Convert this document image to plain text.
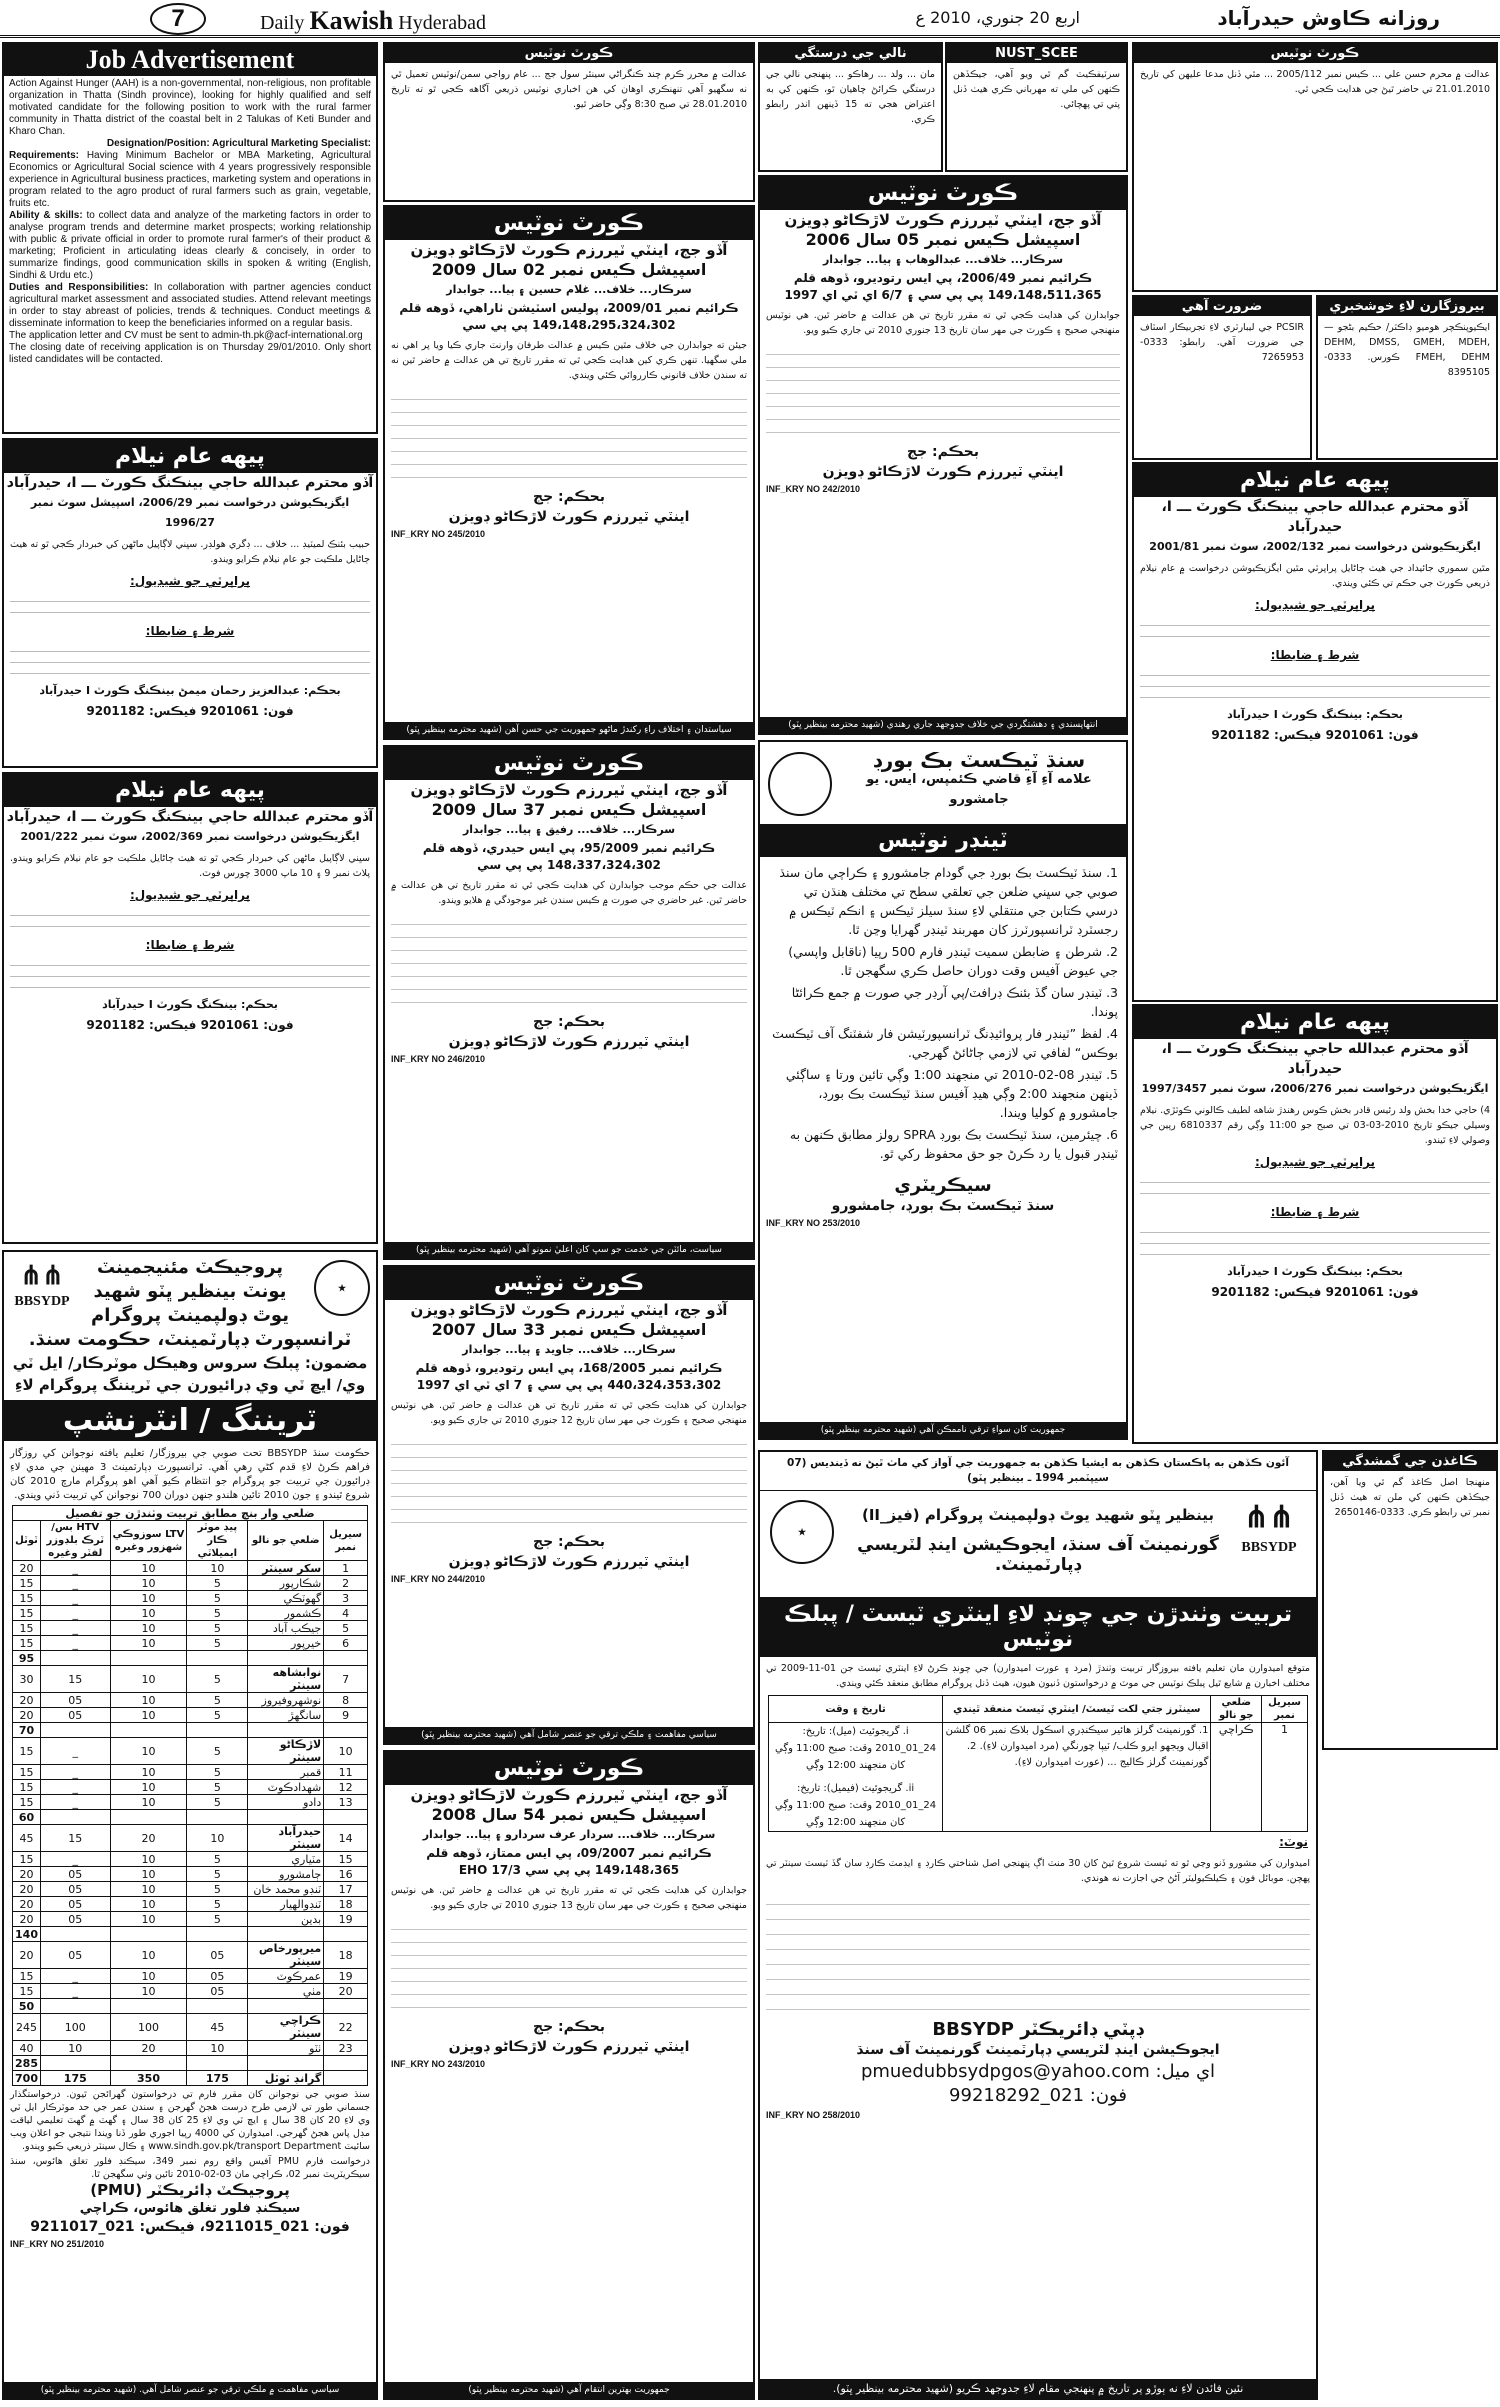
7	Daily Kawish Hyderabad	اربع 20 جنوري، 2010 ع	روزانه ڪاوش حيدرآباد
Job Advertisement

Action Against Hunger (AAH) is a non-governmental, non-religious, non profitable organization in Thatta (Sindh province), looking for highly qualified and self motivated candidate for the following position to work with the rural farmer community in Thatta district of the coastal belt in 2 Talukas of Keti Bunder and Kharo Chan.

Designation/Position: Agricultural Marketing Specialist:

Requirements: Having Minimum Bachelor or MBA Marketing, Agricultural Economics or Agricultural Social science with 4 years progressively responsible experience in Agricultural business practices, marketing system and operations in program related to the agro product of rural farmers such as grain, vegetable, fruits etc.

Ability & skills: to collect data and analyze of the marketing factors in order to analyse program trends and determine market prospects; working relationship with public & private official in order to promote rural farmer's of their product & marketing; Proficient in articulating ideas clearly & concisely, in order to summarize findings, good communication skills in spoken & writing (English, Sindhi & Urdu etc.)

Duties and Responsibilities: In collaboration with partner agencies conduct agricultural market assessment and associated studies. Attend relevant meetings in order to stay abreast of policies, trends & techniques. Conduct meetings & disseminate information to keep the beneficiaries informed on a regular basis.

The application letter and CV must be sent to admin-th.pk@acf-international.org

The closing date of receiving application is on Thursday 29/01/2010. Only short listed candidates will be contacted.

پيهه عام نيلام
آڏو محترم عبدالله حاجي بينڪنگ ڪورٽ ـــ I، حيدرآباد
ايگزيڪيوشن درخواست نمبر 2006/29، اسپيشل سوٽ نمبر 1996/27
حبيب بئنڪ لميٽيڊ ... خلاف ... ڊگري هولڊر. سڀني لاڳاپيل ماڻهن کي خبردار ڪجي ٿو ته هيٺ ڄاڻايل ملڪيت جو عام نيلام ڪرايو ويندو.
پراپرٽي جو شيڊيول:
شرط ۽ ضابطا:
بحڪم: عبدالعزيز رحمان ميمڻ بينڪنگ ڪورٽ I حيدرآباد
فون: 9201061 فيڪس: 9201182
پيهه عام نيلام
آڏو محترم عبدالله حاجي بينڪنگ ڪورٽ ـــ I، حيدرآباد
ايگزيڪيوشن درخواست نمبر 2002/369، سوٽ نمبر 2001/222
سڀني لاڳاپيل ماڻهن کي خبردار ڪجي ٿو ته هيٺ ڄاڻايل ملڪيت جو عام نيلام ڪرايو ويندو. پلاٽ نمبر 9 ۽ 10 ماپ 3000 چورس فوٽ.
پراپرٽي جو شيڊيول:
شرط ۽ ضابطا:
بحڪم: بينڪنگ ڪورٽ I حيدرآباد
فون: 9201061 فيڪس: 9201182
پيهه عام نيلام
آڏو محترم عبدالله حاجي بينڪنگ ڪورٽ ـــ I، حيدرآباد
ايگزيڪيوشن درخواست نمبر 2002/132، سوٽ نمبر 2001/81
مٿين سموري جائيداد جي هيٺ ڄاڻايل پراپرٽي مٿين ايگزيڪيوشن درخواست ۾ عام نيلام ذريعي ڪورٽ جي حڪم تي ڪئي ويندي.
پراپرٽي جو شيڊيول:
شرط ۽ ضابطا:
بحڪم: بينڪنگ ڪورٽ I حيدرآباد
فون: 9201061 فيڪس: 9201182
پيهه عام نيلام
آڏو محترم عبدالله حاجي بينڪنگ ڪورٽ ـــ I، حيدرآباد
ايگزيڪيوشن درخواست نمبر 2006/276، سوٽ نمبر 1997/3457
4) حاجي خدا بخش ولد رئيس قادر بخش ڪوس رهندڙ شاهه لطيف ڪالوني ڪوٽڙي. نيلام وسيلي جيڪو تاريخ 2010-03-03 تي صبح جو 11:00 وڳي رقم 6810337 رپين جي وصولي لاءِ ٿيندو.
پراپرٽي جو شيڊيول:
شرط ۽ ضابطا:
بحڪم: بينڪنگ ڪورٽ I حيدرآباد
فون: 9201061 فيڪس: 9201182
ڪورٽ نوٽيس
آڏو جج، اينٽي ٽيررزم ڪورٽ لاڙڪاڻو ڊويزن
اسپيشل ڪيس نمبر 02 سال 2009
سرڪار... خلاف... غلام حسين ۽ ٻيا... جوابدار
ڪرائيم نمبر 2009/01، پوليس اسٽيشن ٺاراهي، ڏوهه قلم 149،148،295،324،302 پي پي سي
جيئن ته جوابدارن جي خلاف مٿين ڪيس ۾ عدالت طرفان وارنٽ جاري ڪيا ويا پر اهي نه ملي سگهيا. تنهن ڪري کين هدايت ڪجي ٿي ته مقرر تاريخ تي هن عدالت ۾ حاضر ٿين نه ته سندن خلاف قانوني ڪارروائي ڪئي ويندي.
بحڪم: جج
اينٽي ٽيررزم ڪورٽ لاڙڪاڻو ڊويزن
INF_KRY NO 245/2010
سياستدان ۽ اختلاف راءِ رکندڙ ماڻهو جمهوريت جي حسن آهن (شهيد محترمه بينظير ڀٽو)
ڪورٽ نوٽيس
آڏو جج، اينٽي ٽيررزم ڪورٽ لاڙڪاڻو ڊويزن
اسپيشل ڪيس نمبر 37 سال 2009
سرڪار... خلاف... رفيق ۽ ٻيا... جوابدار
ڪرائيم نمبر 95/2009، پي ايس حيدري، ڏوهه قلم 148،337،324،302 پي پي سي
عدالت جي حڪم موجب جوابدارن کي هدايت ڪجي ٿي ته مقرر تاريخ تي هن عدالت ۾ حاضر ٿين. غير حاضري جي صورت ۾ ڪيس سندن غير موجودگي ۾ هلايو ويندو.
بحڪم: جج
اينٽي ٽيررزم ڪورٽ لاڙڪاڻو ڊويزن
INF_KRY NO 246/2010
سياست، مائٽن جي خدمت جو سڀ کان اعليٰ نمونو آهي (شهيد محترمه بينظير ڀٽو)
ڪورٽ نوٽيس
آڏو جج، اينٽي ٽيررزم ڪورٽ لاڙڪاڻو ڊويزن
اسپيشل ڪيس نمبر 33 سال 2007
سرڪار... خلاف... جاويد ۽ ٻيا... جوابدار
ڪرائيم نمبر 168/2005، پي ايس رتوديرو، ڏوهه قلم 440،324،353،302 پي پي سي ۽ 7 اي ٽي اي 1997
جوابدارن کي هدايت ڪجي ٿي ته مقرر تاريخ تي هن عدالت ۾ حاضر ٿين. هي نوٽيس منهنجي صحيح ۽ ڪورٽ جي مهر سان تاريخ 12 جنوري 2010 تي جاري ڪيو ويو.
بحڪم: جج
اينٽي ٽيررزم ڪورٽ لاڙڪاڻو ڊويزن
INF_KRY NO 244/2010
سياسي مفاهمت ۽ ملڪي ترقي جو عنصر شامل آهي (شهيد محترمه بينظير ڀٽو)
ڪورٽ نوٽيس
آڏو جج، اينٽي ٽيررزم ڪورٽ لاڙڪاڻو ڊويزن
اسپيشل ڪيس نمبر 54 سال 2008
سرڪار... خلاف... سردار عرف سردارو ۽ ٻيا... جوابدار
ڪرائيم نمبر 09/2007، پي ايس ممتاز، ڏوهه قلم 149،148،365 پي پي سي 17/3 EHO
جوابدارن کي هدايت ڪجي ٿي ته مقرر تاريخ تي هن عدالت ۾ حاضر ٿين. هي نوٽيس منهنجي صحيح ۽ ڪورٽ جي مهر سان تاريخ 13 جنوري 2010 تي جاري ڪيو ويو.
بحڪم: جج
اينٽي ٽيررزم ڪورٽ لاڙڪاڻو ڊويزن
INF_KRY NO 243/2010
جمهوريت بهترين انتقام آهي (شهيد محترمه بينظير ڀٽو)
ڪورٽ نوٽيس
آڏو جج، اينٽي ٽيررزم ڪورٽ لاڙڪاڻو ڊويزن
اسپيشل ڪيس نمبر 05 سال 2006
سرڪار... خلاف... عبدالوهاب ۽ ٻيا... جوابدار
ڪرائيم نمبر 2006/49، پي ايس رتوديرو، ڏوهه قلم 149،148،511،365 پي پي سي ۽ 6/7 اي ٽي اي 1997
جوابدارن کي هدايت ڪجي ٿي ته مقرر تاريخ تي هن عدالت ۾ حاضر ٿين. هي نوٽيس منهنجي صحيح ۽ ڪورٽ جي مهر سان تاريخ 13 جنوري 2010 تي جاري ڪيو ويو.
بحڪم: جج
اينٽي ٽيررزم ڪورٽ لاڙڪاڻو ڊويزن
INF_KRY NO 242/2010
انتهاپسندي ۽ دهشتگردي جي خلاف جدوجهد جاري رهندي (شهيد محترمه بينظير ڀٽو)
ڪورٽ نوٽيس
عدالت ۾ محرر ڪرم چند ڪنگراڻي سينئر سول جج ... عام رواجي سمن/نوٽيس تعميل ٿي نه سگهيو آهي تنهنڪري اوهان کي هن اخباري نوٽيس ذريعي آگاهه ڪجي ٿو ته تاريخ 28.01.2010 تي صبح 8:30 وڳي حاضر ٿيو.
نالي جي درستگي
مان ... ولد ... رهاڪو ... پنهنجي نالي جي درستگي ڪرائڻ چاهيان ٿو، ڪنهن کي به اعتراض هجي ته 15 ڏينهن اندر رابطو ڪري.
NUST_SCEE
سرٽيفڪيٽ گم ٿي ويو آهي، جيڪڏهن ڪنهن کي ملي ته مهرباني ڪري هيٺ ڏنل پتي تي پهچائي.
ڪورٽ نوٽيس
عدالت ۾ محرم حسن علي ... ڪيس نمبر 2005/112 ... مٿي ڏنل مدعا عليهن کي تاريخ 21.01.2010 تي حاضر ٿيڻ جي هدايت ڪجي ٿي.
ڪاغذن جي گمشدگي
منهنجا اصل ڪاغذ گم ٿي ويا آهن، جيڪڏهن ڪنهن کي ملن ته هيٺ ڏنل نمبر تي رابطو ڪري. 0333-2650146
ضرورت آهي
PCSIR جي ليبارٽري لاءِ تجربيڪار اسٽاف جي ضرورت آهي. رابطو: 0333-7265953
بيروزگارن لاءِ خوشخبري
ايڪيوپنڪچر هوميو ڊاڪٽر/ حڪيم بڻجو — DEHM, DMSS, GMEH, MDEH, FMEH, DEHM ڪورس. 0333-8395105
سنڌ ٽيڪسٽ بڪ بورڊ
علامه آءِ آءِ قاضي ڪئمپس، ايس. يو جامشورو
ٽينڊر نوٽيس

1. سنڌ ٽيڪسٽ بڪ بورڊ جي گودام جامشورو ۽ ڪراچي مان سنڌ صوبي جي سڀني ضلعن جي تعلقي سطح تي مختلف هنڌن تي درسي ڪتابن جي منتقلي لاءِ سنڌ سيلز ٽيڪس ۽ انڪم ٽيڪس ۾ رجسٽرڊ ٽرانسپورٽرز کان مهربند ٽينڊر گهرايا وڃن ٿا.

2. شرطن ۽ ضابطن سميت ٽينڊر فارم 500 رپيا (ناقابل واپسي) جي عيوض آفيس وقت دوران حاصل ڪري سگهجن ٿا.

3. ٽينڊر سان گڏ بئنڪ ڊرافٽ/پي آرڊر جي صورت ۾ جمع ڪرائڻا پوندا.

4. لفظ ”ٽينڊر فار پروائيڊنگ ٽرانسپورٽيشن فار شفٽنگ آف ٽيڪسٽ بوڪس“ لفافي تي لازمي ڄاڻائڻ گهرجي.

5. ٽينڊر 08-02-2010 تي منجهند 1:00 وڳي تائين ورتا ۽ ساڳئي ڏينهن منجهند 2:00 وڳي هيڊ آفيس سنڌ ٽيڪسٽ بڪ بورڊ، جامشورو ۾ کوليا ويندا.

6. چيئرمين، سنڌ ٽيڪسٽ بڪ بورڊ SPRA رولز مطابق ڪنهن به ٽينڊر قبول يا رد ڪرڻ جو حق محفوظ رکي ٿو.

سيڪريٽري
سنڌ ٽيڪسٽ بڪ بورڊ، جامشورو
INF_KRY NO 253/2010
جمهوريت کان سواءِ ترقي ناممڪن آهي (شهيد محترمه بينظير ڀٽو)
⋔⋔
BBSYDP
★
پروجيڪٽ مئنيجمينٽ
يونٽ بينظير ڀٽو شهيد
يوٿ ڊولپمينٽ پروگرام
ٽرانسپورٽ ڊپارٽمينٽ، حڪومت سنڌ.
مضمون: پبلڪ سروس وهيڪل موٽرڪار/ ايل ٽي وي/ ايڇ ٽي وي ڊرائيورن جي ٽريننگ پروگرام لاءِ
ٽريننگ / انٽرنشپ
حڪومت سنڌ BBSYDP تحت صوبي جي بيروزگار/ تعليم يافته نوجوانن کي روزگار فراهم ڪرڻ لاءِ قدم کڻي رهي آهي. ٽرانسپورٽ ڊپارٽمينٽ 3 مهينن جي مدي لاءِ ڊرائيورن جي تربيت جو پروگرام جو انتظام ڪيو آهي اهو پروگرام مارچ 2010 کان شروع ٿيندو ۽ جون 2010 تائين هلندو جنهن دوران 700 نوجوانن کي تربيت ڏني ويندي.
ضلعي وار بنچ مطابق تربيت وٺندڙن جو تفصيل					
سيريل نمبر	ضلعي جو نالو	پيڊ موٽر ڪار ايميلاٽي	LTV سوزوڪي شهزور وغيره	HTV بس/ ٽرڪ بلڊوزر لفٽر وغيره	ٽوٽل
1	سکر سينٽر	10	10	_	20
2	شڪارپور	5	10	_	15
3	گهوٽڪي	5	10	_	15
4	ڪشمور	5	10	_	15
5	جيڪب آباد	5	10	_	15
6	خيرپور	5	10	_	15
					95
7	نوابشاهه سينٽر	5	10	15	30
8	نوشهروفيروز	5	10	05	20
9	سانگهڙ	5	10	05	20
					70
10	لاڙڪاڻو سينٽر	5	10	_	15
11	قمبر	5	10	_	15
12	شهدادڪوٽ	5	10	_	15
13	دادو	5	10	_	15
					60
14	حيدرآباد سينٽر	10	20	15	45
15	مٽياري	5	10	_	15
16	ڄامشورو	5	10	05	20
17	ٽنڊو محمد خان	5	10	05	20
18	ٽنڊوالهيار	5	10	05	20
19	بدين	5	10	05	20
					140
18	ميرپورخاص سينٽر	05	10	05	20
19	عمرڪوٽ	05	10	_	15
20	مٺي	05	10	_	15
					50
22	ڪراچي سينٽر	45	100	100	245
23	ٺٽو	10	20	10	40
					285
	گرانڊ ٽوٽل	175	350	175	700
سنڌ صوبي جي نوجوانن کان مقرر فارم تي درخواستون گهرائجن ٿيون. درخواستگذار جسماني طور تي لازمي طرح درست هجڻ گهرجن ۽ سندن عمر جي حد موٽرڪار ايل ٽي وي لاءِ 20 کان 38 سال ۽ ايڇ ٽي وي لاءِ 25 کان 38 سال ۽ گهٽ ۾ گهٽ تعليمي لياقت مڊل پاس هجڻ گهرجي. اميدوارن کي 4000 رپيا اجوري طور ڏنا ويندا نتيجي جو اعلان ويب سائيٽ www.sindh.gov.pk/transport Department ۽ ڪال سينٽر ذريعي ڪيو ويندو.
درخواست فارم PMU آفيس واقع روم نمبر 349، سيڪنڊ فلور تغلق هائوس، سنڌ سيڪريٽريٽ نمبر 02، ڪراچي مان 03-02-2010 تائين وٺي سگهجن ٿا.
پروجيڪٽ ڊائريڪٽر (PMU)
سيڪنڊ فلور تغلق هائوس، ڪراچي
فون: 021_9211015، فيڪس: 021_9211017
INF_KRY NO 251/2010
سياسي مفاهمت ۾ ملڪي ترقي جو عنصر شامل آهي. (شهيد محترمه بينظير ڀٽو)
آئون ڪڏهن به پاڪستان ڪڏهن به ايشيا ڪڏهن به جمهوريت جي آواز کي ماٺ ٿيڻ نه ڏينديس (07 سيپٽمبر 1994 ـ بينظير ڀٽو)
★	⋔⋔
BBSYDP
بينظير ڀٽو شهيد يوٿ ڊولپمينٽ پروگرام (فيز_II)
گورنمينٽ آف سنڌ، ايجوڪيشن اينڊ لٽريسي ڊپارٽمينٽ.
تربيت وٺندڙن جي چونڊ لاءِ اينٽري ٽيسٽ / پبلڪ نوٽيس
متوقع اميدوارن مان تعليم يافته بيروزگار تربيت وٺندڙ (مرد ۽ عورت اميدوارن) جي چونڊ ڪرڻ لاءِ اينٽري ٽيسٽ جن 01-11-2009 تي مختلف اخبارن ۾ شايع ٿيل پبلڪ نوٽيس جي موٽ ۾ درخواستون ڏنيون هيون، هيٺ ڏنل پروگرام مطابق منعقد ڪئي ويندي.
سيريل نمبر	ضلعي جو نالو	سينٽرز جتي لکت ٽيسٽ/ اينٽري ٽيسٽ منعقد ٿيندي	تاريخ ۽ وقت
1	ڪراچي	1. گورنمينٽ گرلز هائير سيڪنڊري اسڪول بلاڪ نمبر 06 گلشن اقبال ويجهو ايرو ڪلب/ ٽيپا چورنگي (مرد اميدوارن لاءِ). 2. گورنمينٽ گرلز ڪاليج ... (عورت اميدوارن لاءِ).	i. گريجوئيٽ (ميل): تاريخ: 24_01_2010 وقت: صبح 11:00 وڳي کان منجهند 12:00 وڳي
ii. گريجوئيٽ (فيميل): تاريخ: 24_01_2010 وقت: صبح 11:00 وڳي کان منجهند 12:00 وڳي
نوٽ:
اميدوارن کي مشورو ڏنو وڃي ٿو ته ٽيسٽ شروع ٿيڻ کان 30 منٽ اڳ پنهنجي اصل شناختي ڪارڊ ۽ ايڊمٽ ڪارڊ سان گڏ ٽيسٽ سينٽر تي پهچن. موبائل فون ۽ ڪيلڪيوليٽر آڻڻ جي اجازت نه هوندي.
ڊپٽي ڊائريڪٽر BBSYDP
ايجوڪيشن اينڊ لٽريسي ڊپارٽمينٽ گورنمينٽ آف سنڌ
اي ميل: pmuedubbsydpgos@yahoo.com
فون: 021_99218292
INF_KRY NO 258/2010
نئين فائدن لاءِ نه ٻوڙو پر تاريخ ۾ پنهنجي مقام لاءِ جدوجهد ڪريو (شهيد محترمه بينظير ڀٽو).
